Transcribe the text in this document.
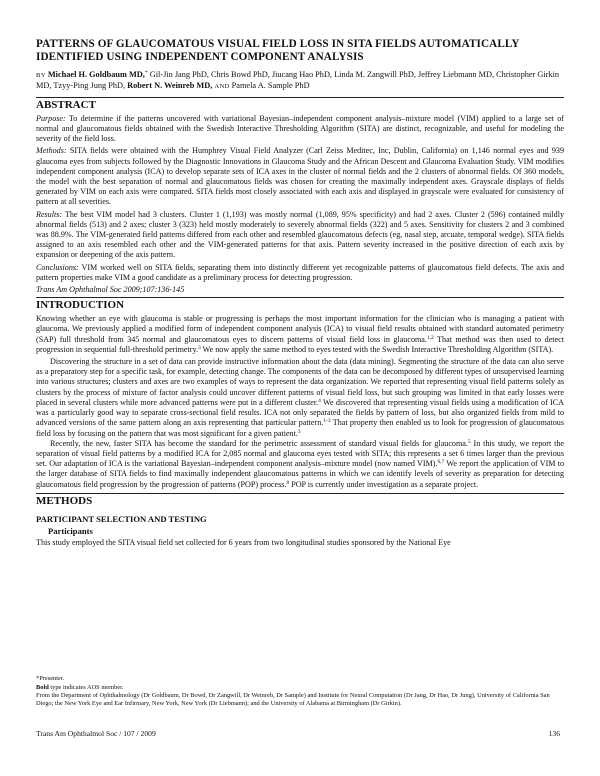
PATTERNS OF GLAUCOMATOUS VISUAL FIELD LOSS IN SITA FIELDS AUTOMATICALLY IDENTIFIED USING INDEPENDENT COMPONENT ANALYSIS
BY Michael H. Goldbaum MD,* Gil-Jin Jang PhD, Chris Bowd PhD, Jiucang Hao PhD, Linda M. Zangwill PhD, Jeffrey Liebmann MD, Christopher Girkin MD, Tzyy-Ping Jung PhD, Robert N. Weinreb MD, AND Pamela A. Sample PhD
ABSTRACT

Purpose: To determine if the patterns uncovered with variational Bayesian–independent component analysis–mixture model (VIM) applied to a large set of normal and glaucomatous fields obtained with the Swedish Interactive Thresholding Algorithm (SITA) are distinct, recognizable, and useful for modeling the severity of the field loss.

Methods: SITA fields were obtained with the Humphrey Visual Field Analyzer (Carl Zeiss Meditec, Inc, Dublin, California) on 1,146 normal eyes and 939 glaucoma eyes from subjects followed by the Diagnostic Innovations in Glaucoma Study and the African Descent and Glaucoma Evaluation Study. VIM modifies independent component analysis (ICA) to develop separate sets of ICA axes in the cluster of normal fields and the 2 clusters of abnormal fields. Of 360 models, the model with the best separation of normal and glaucomatous fields was chosen for creating the maximally independent axes. Grayscale displays of fields generated by VIM on each axis were compared. SITA fields most closely associated with each axis and displayed in grayscale were evaluated for consistency of pattern at all severities.

Results: The best VIM model had 3 clusters. Cluster 1 (1,193) was mostly normal (1,089, 95% specificity) and had 2 axes. Cluster 2 (596) contained mildly abnormal fields (513) and 2 axes; cluster 3 (323) held mostly moderately to severely abnormal fields (322) and 5 axes. Sensitivity for clusters 2 and 3 combined was 88.9%. The VIM-generated field patterns differed from each other and resembled glaucomatous defects (eg, nasal step, arcuate, temporal wedge). SITA fields assigned to an axis resembled each other and the VIM-generated patterns for that axis. Pattern severity increased in the positive direction of each axis by expansion or deepening of the axis pattern.

Conclusions: VIM worked well on SITA fields, separating them into distinctly different yet recognizable patterns of glaucomatous field defects. The axis and pattern properties make VIM a good candidate as a preliminary process for detecting progression.

Trans Am Ophthalmol Soc 2009;107:136-145
INTRODUCTION

Knowing whether an eye with glaucoma is stable or progressing is perhaps the most important information for the clinician who is managing a patient with glaucoma. We previously applied a modified form of independent component analysis (ICA) to visual field results obtained with standard automated perimetry (SAP) full threshold from 345 normal and glaucomatous eyes to discern patterns of visual field loss in glaucoma.$^{1,2}$ That method was then used to detect progression in sequential full-threshold perimetry.$^3$ We now apply the same method to eyes tested with the Swedish Interactive Thresholding Algorithm (SITA).

Discovering the structure in a set of data can provide instructive information about the data (data mining). Segmenting the structure of the data can also serve as a preparatory step for a specific task, for example, detecting change. The components of the data can be decomposed by different types of unsupervised learning into various structures; clusters and axes are two examples of ways to represent the data organization. We reported that representing visual field patterns solely as clusters by the process of mixture of factor analysis could uncover different patterns of visual field loss, but such grouping was limited in that early losses were placed in several clusters while more advanced patterns were put in a different cluster.$^4$ We discovered that representing visual fields using a modification of ICA was a particularly good way to separate cross-sectional field results. ICA not only separated the fields by pattern of loss, but also organized fields from mild to advanced versions of the same pattern along an axis representing that particular pattern.$^{1-3}$ That property then enabled us to look for progression of glaucomatous field loss by focusing on the pattern that was most significant for a given patient.$^3$

Recently, the new, faster SITA has become the standard for the perimetric assessment of standard visual fields for glaucoma.$^5$ In this study, we report the separation of visual field patterns by a modified ICA for 2,085 normal and glaucoma eyes tested with SITA; this represents a set 6 times larger than the previous set. Our adaptation of ICA is the variational Bayesian–independent component analysis–mixture model (now named VIM).$^{6,7}$ We report the application of VIM to the larger database of SITA fields to find maximally independent glaucomatous patterns in which we can identify levels of severity as preparation for detecting glaucomatous field progression by the progression of patterns (POP) process.$^8$ POP is currently under investigation as a separate project.

METHODS
PARTICIPANT SELECTION AND TESTING
Participants

This study employed the SITA visual field set collected for 6 years from two longitudinal studies sponsored by the National Eye

*Presenter.
Bold type indicates AOS member.
From the Department of Ophthalmology (Dr Goldbaum, Dr Bowd, Dr Zangwill, Dr Weinreb, Dr Sample) and Institute for Neural Computation (Dr Jang, Dr Hao, Dr Jung), University of California San Diego; the New York Eye and Ear Infirmary, New York, New York (Dr Liebmann); and the University of Alabama at Birmingham (Dr Girkin).
Trans Am Ophthalmol Soc / 107 / 2009	136
